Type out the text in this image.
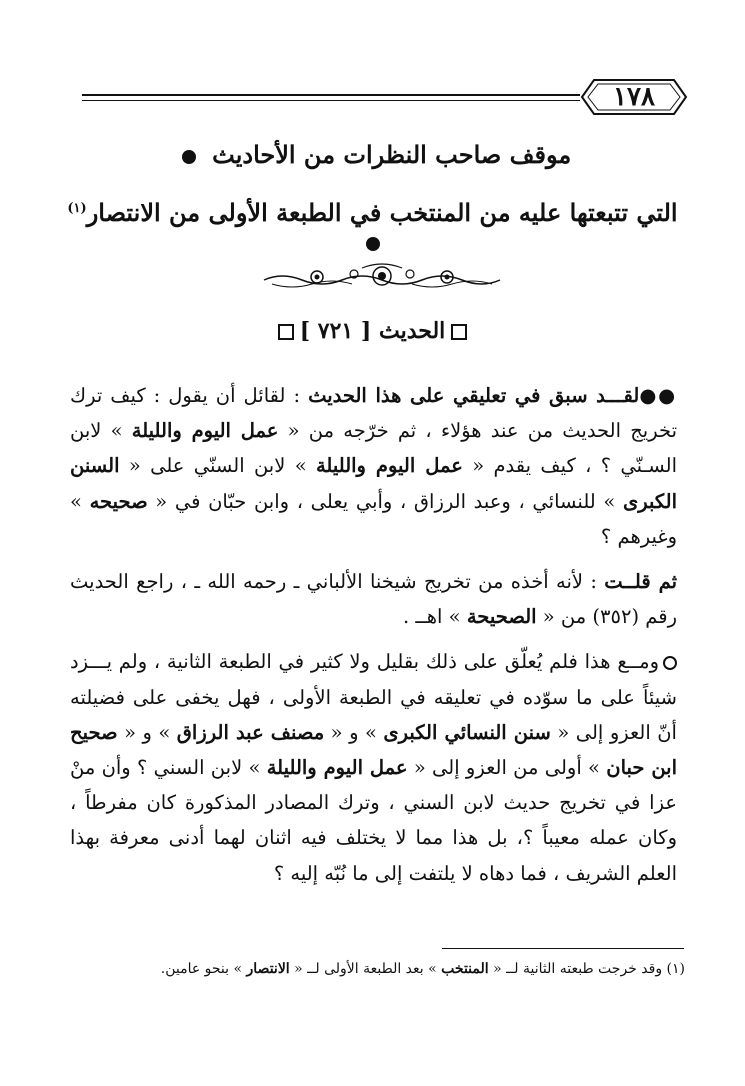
١٧٨
موقف صاحب النظرات من الأحاديث
التي تتبعتها عليه من المنتخب في الطبعة الأولى من الانتصار$^{(١)}$
الحديث [ ٧٢١ ]

●●لقـــد سبق في تعليقي على هذا الحديث : لقائل أن يقول : كيف ترك تخريج الحديث من عند هؤلاء ، ثم خرّجه من « عمل اليوم والليلة » لابن السـنّي ؟ ، كيف يقدم « عمل اليوم والليلة » لابن السنّي على « السنن الكبرى » للنسائي ، وعبد الرزاق ، وأبي يعلى ، وابن حبّان في « صحيحه » وغيرهم ؟

ثم قلــت : لأنه أخذه من تخريج شيخنا الألباني ـ رحمه الله ـ ، راجع الحديث رقم (٣٥٢) من « الصحيحة » اهــ .

ومــع هذا فلم يُعلّق على ذلك بقليل ولا كثير في الطبعة الثانية ، ولم يـــزد شيئاً على ما سوّده في تعليقه في الطبعة الأولى ، فهل يخفى على فضيلته أنّ العزو إلى « سنن النسائي الكبرى » و « مصنف عبد الرزاق » و « صحيح ابن حبان » أولى من العزو إلى « عمل اليوم والليلة » لابن السني ؟ وأن منْ عزا في تخريج حديث لابن السني ، وترك المصادر المذكورة كان مفرطاً ، وكان عمله معيباً ؟، بل هذا مما لا يختلف فيه اثنان لهما أدنى معرفة بهذا العلم الشريف ، فما دهاه لا يلتفت إلى ما نُبّه إليه ؟

(١) وقد خرجت طبعته الثانية لــ « المنتخب » بعد الطبعة الأولى لــ « الانتصار » بنحو عامين.
